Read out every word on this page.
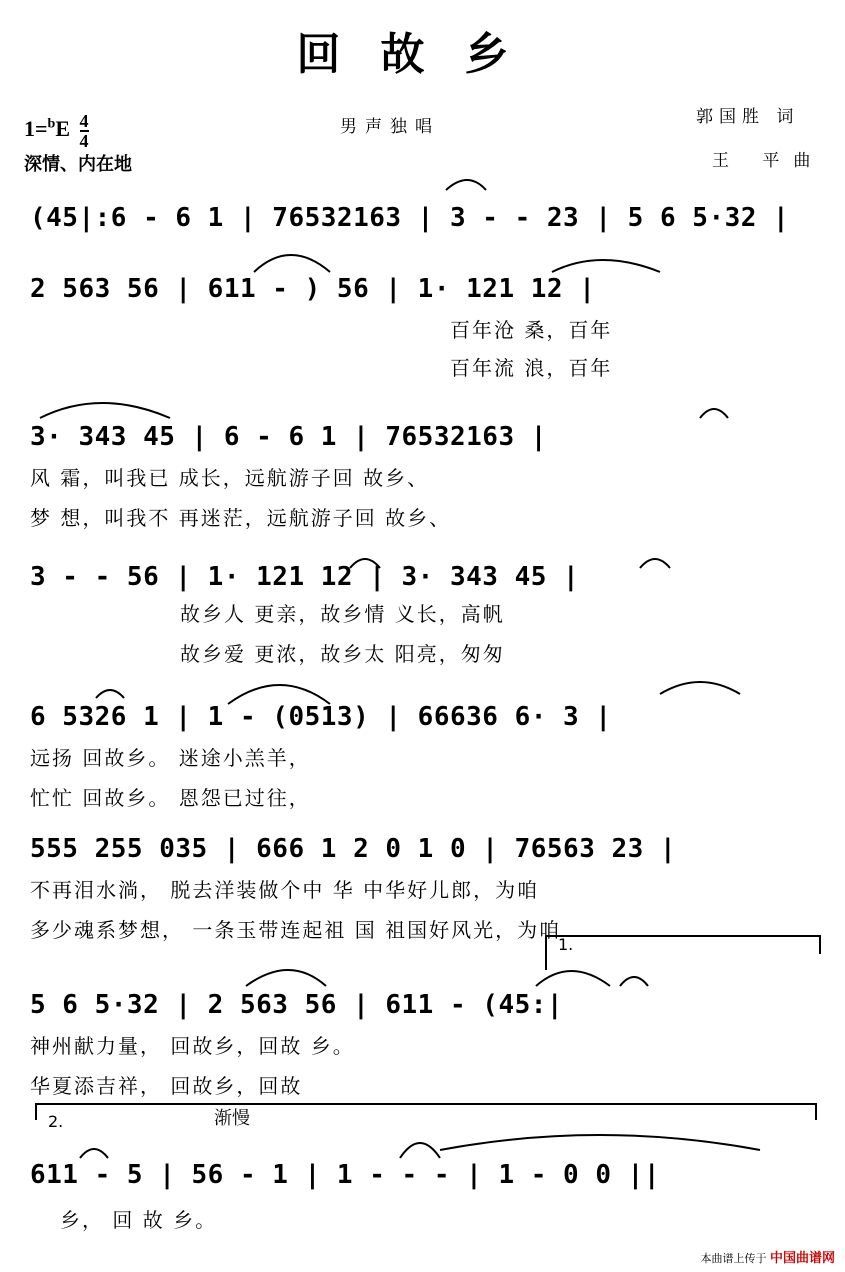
回故乡
$1=^bE \frac{4}{4}$
深情、内在地
男声独唱	郭国胜 词
王 平曲
(45|:6 - 6 1 | 76532163 | 3 - - 23 | 5 6 5·32 |
2 563 56 | 611 - ) 56 | 1· 121 12 |
百年沧 桑，百年
百年流 浪，百年
3· 343 45 | 6 - 6 1 | 76532163 |
风 霜，叫我已 成长，远航游子回 故乡、
梦 想，叫我不 再迷茫，远航游子回 故乡、
3 - - 56 | 1· 121 12 | 3· 343 45 |
故乡人 更亲，故乡情 义长，高帆
故乡爱 更浓，故乡太 阳亮，匆匆
6 5326 1 | 1 - (0513) | 66636 6· 3 |
远扬 回故乡。 迷途小羔羊，
忙忙 回故乡。 恩怨已过往，
555 255 035 | 666 1 2 0 1 0 | 76563 23 |
不再泪水淌， 脱去洋装做个中 华 中华好儿郎，为咱
多少魂系梦想， 一条玉带连起祖 国 祖国好风光，为咱
5 6 5·32 | 2 563 56 | 611 - (45:|
神州献力量， 回故乡，回故 乡。
华夏添吉祥， 回故乡，回故
611 - 5 | 56 - 1 | 1 - - - | 1 - 0 0 ||
乡， 回 故 乡。
1.
2.	渐慢
本曲谱上传于 中国曲谱网
